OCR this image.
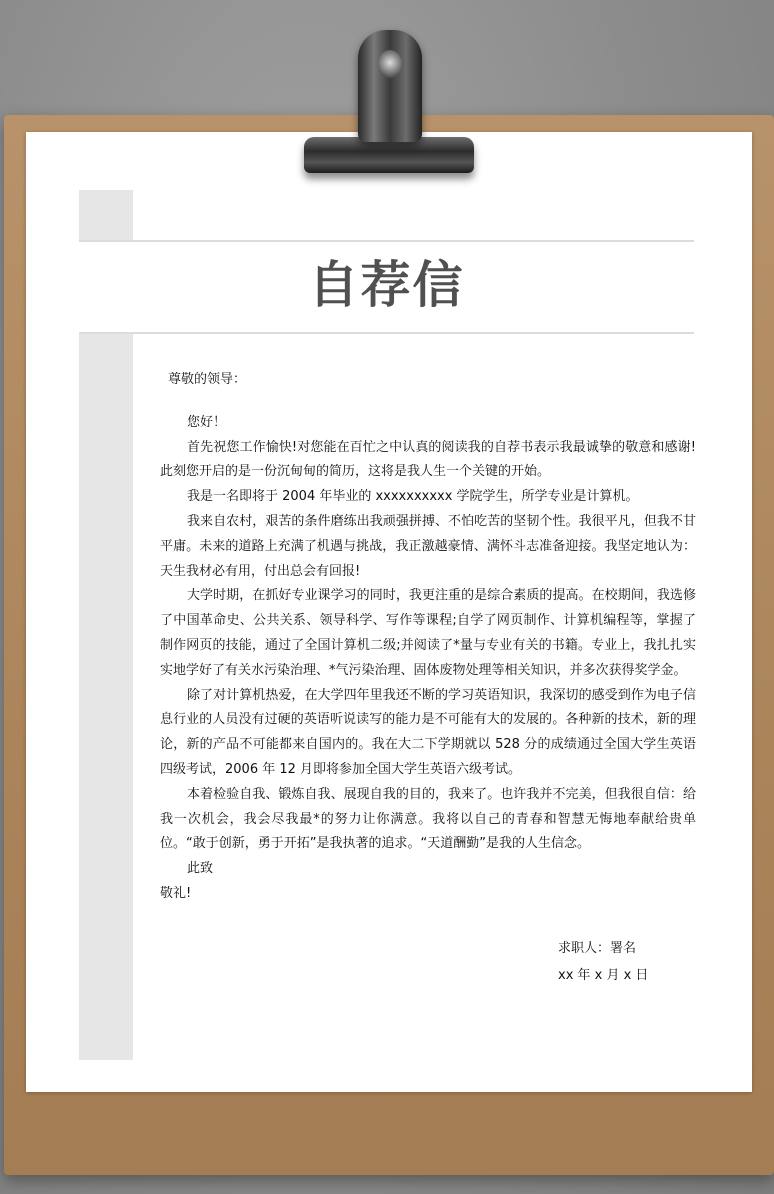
自荐信

尊敬的领导：

您好！

首先祝您工作愉快!对您能在百忙之中认真的阅读我的自荐书表示我最诚挚的敬意和感谢!此刻您开启的是一份沉甸甸的简历，这将是我人生一个关键的开始。

我是一名即将于 2004 年毕业的 xxxxxxxxxx 学院学生，所学专业是计算机。

我来自农村，艰苦的条件磨练出我顽强拼搏、不怕吃苦的坚韧个性。我很平凡，但我不甘平庸。未来的道路上充满了机遇与挑战，我正激越豪情、满怀斗志准备迎接。我坚定地认为：天生我材必有用，付出总会有回报!

大学时期，在抓好专业课学习的同时，我更注重的是综合素质的提高。在校期间，我选修了中国革命史、公共关系、领导科学、写作等课程;自学了网页制作、计算机编程等，掌握了制作网页的技能，通过了全国计算机二级;并阅读了*量与专业有关的书籍。专业上，我扎扎实实地学好了有关水污染治理、*气污染治理、固体废物处理等相关知识，并多次获得奖学金。

除了对计算机热爱，在大学四年里我还不断的学习英语知识，我深切的感受到作为电子信息行业的人员没有过硬的英语听说读写的能力是不可能有大的发展的。各种新的技术，新的理论，新的产品不可能都来自国内的。我在大二下学期就以 528 分的成绩通过全国大学生英语四级考试，2006 年 12 月即将参加全国大学生英语六级考试。

本着检验自我、锻炼自我、展现自我的目的，我来了。也许我并不完美，但我很自信：给我一次机会，我会尽我最*的努力让你满意。我将以自己的青春和智慧无悔地奉献给贵单位。“敢于创新，勇于开拓”是我执著的追求。“天道酬勤”是我的人生信念。

此致

敬礼!

求职人：署名
xx 年 x 月 x 日
